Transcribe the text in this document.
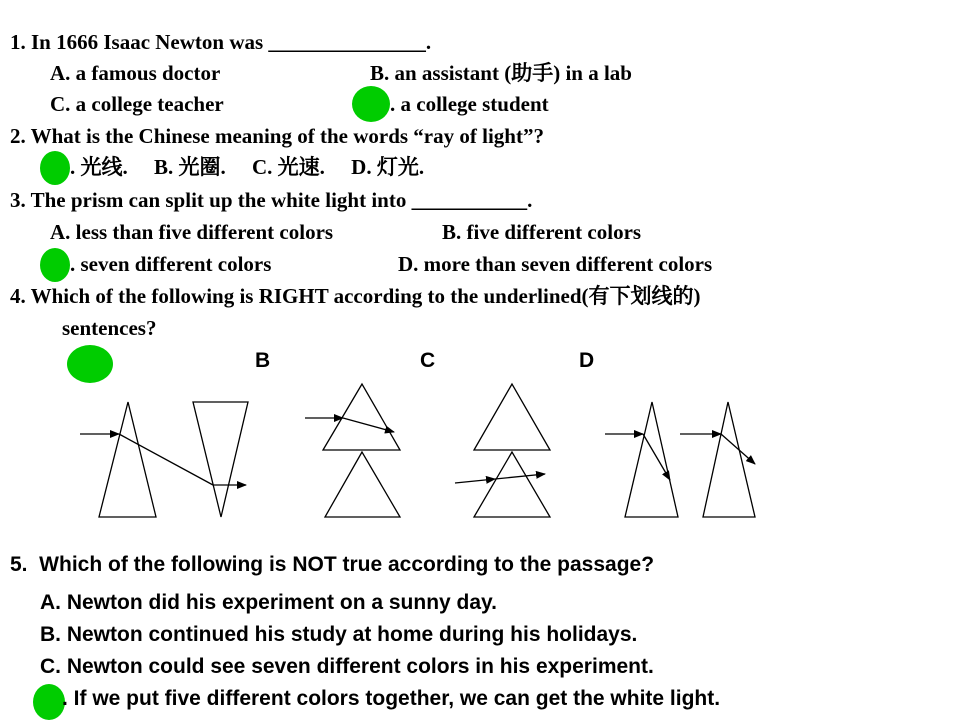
1. In 1666 Isaac Newton was _______________.
A. a famous doctor	B. an assistant (助手) in a lab
C. a college teacher	. a college student
2. What is the Chinese meaning of the words “ray of light”?
. 光线.     B. 光圈.     C. 光速.     D. 灯光.
3. The prism can split up the white light into ___________.
A. less than five different colors	B. five different colors
. seven different colors	D. more than seven different colors
4. Which of the following is RIGHT according to the underlined(有下划线的)
sentences?
B	C	D
5.  Which of the following is NOT true according to the passage?
A. Newton did his experiment on a sunny day.
B. Newton continued his study at home during his holidays.
C. Newton could see seven different colors in his experiment.
. If we put five different colors together, we can get the white light.
